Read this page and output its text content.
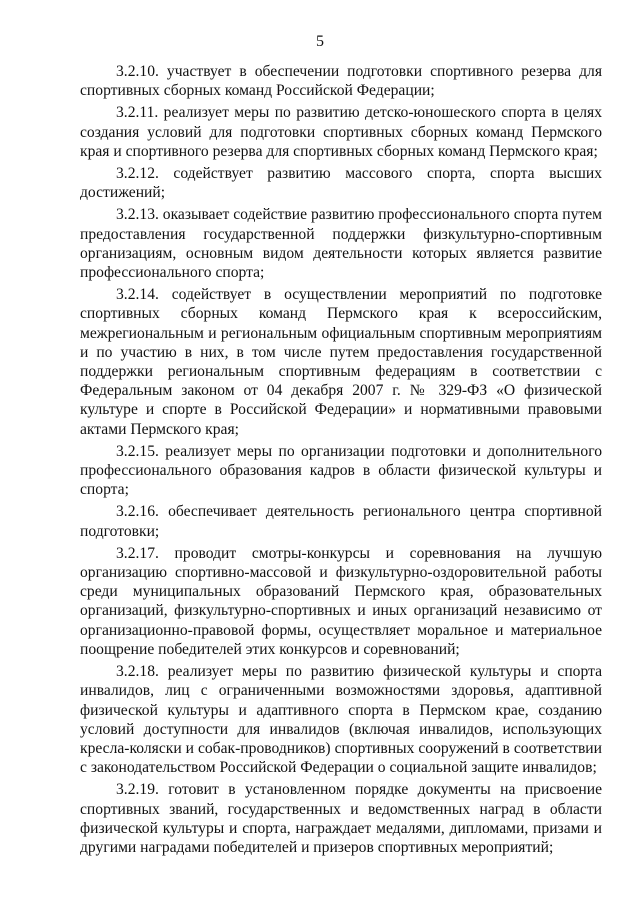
5

3.2.10. участвует в обеспечении подготовки спортивного резерва для спортивных сборных команд Российской Федерации;

3.2.11. реализует меры по развитию детско-юношеского спорта в целях создания условий для подготовки спортивных сборных команд Пермского края и спортивного резерва для спортивных сборных команд Пермского края;

3.2.12. содействует развитию массового спорта, спорта высших достижений;

3.2.13. оказывает содействие развитию профессионального спорта путем предоставления государственной поддержки физкультурно-спортивным организациям, основным видом деятельности которых является развитие профессионального спорта;

3.2.14. содействует в осуществлении мероприятий по подготовке спортивных сборных команд Пермского края к всероссийским, межрегиональным и региональным официальным спортивным мероприятиям и по участию в них, в том числе путем предоставления государственной поддержки региональным спортивным федерациям в соответствии с Федеральным законом от 04 декабря 2007 г. № 329-ФЗ «О физической культуре и спорте в Российской Федерации» и нормативными правовыми актами Пермского края;

3.2.15. реализует меры по организации подготовки и дополнительного профессионального образования кадров в области физической культуры и спорта;

3.2.16. обеспечивает деятельность регионального центра спортивной подготовки;

3.2.17. проводит смотры-конкурсы и соревнования на лучшую организацию спортивно-массовой и физкультурно-оздоровительной работы среди муниципальных образований Пермского края, образовательных организаций, физкультурно-спортивных и иных организаций независимо от организационно-правовой формы, осуществляет моральное и материальное поощрение победителей этих конкурсов и соревнований;

3.2.18. реализует меры по развитию физической культуры и спорта инвалидов, лиц с ограниченными возможностями здоровья, адаптивной физической культуры и адаптивного спорта в Пермском крае, созданию условий доступности для инвалидов (включая инвалидов, использующих кресла-коляски и собак-проводников) спортивных сооружений в соответствии с законодательством Российской Федерации о социальной защите инвалидов;

3.2.19. готовит в установленном порядке документы на присвоение спортивных званий, государственных и ведомственных наград в области физической культуры и спорта, награждает медалями, дипломами, призами и другими наградами победителей и призеров спортивных мероприятий;
